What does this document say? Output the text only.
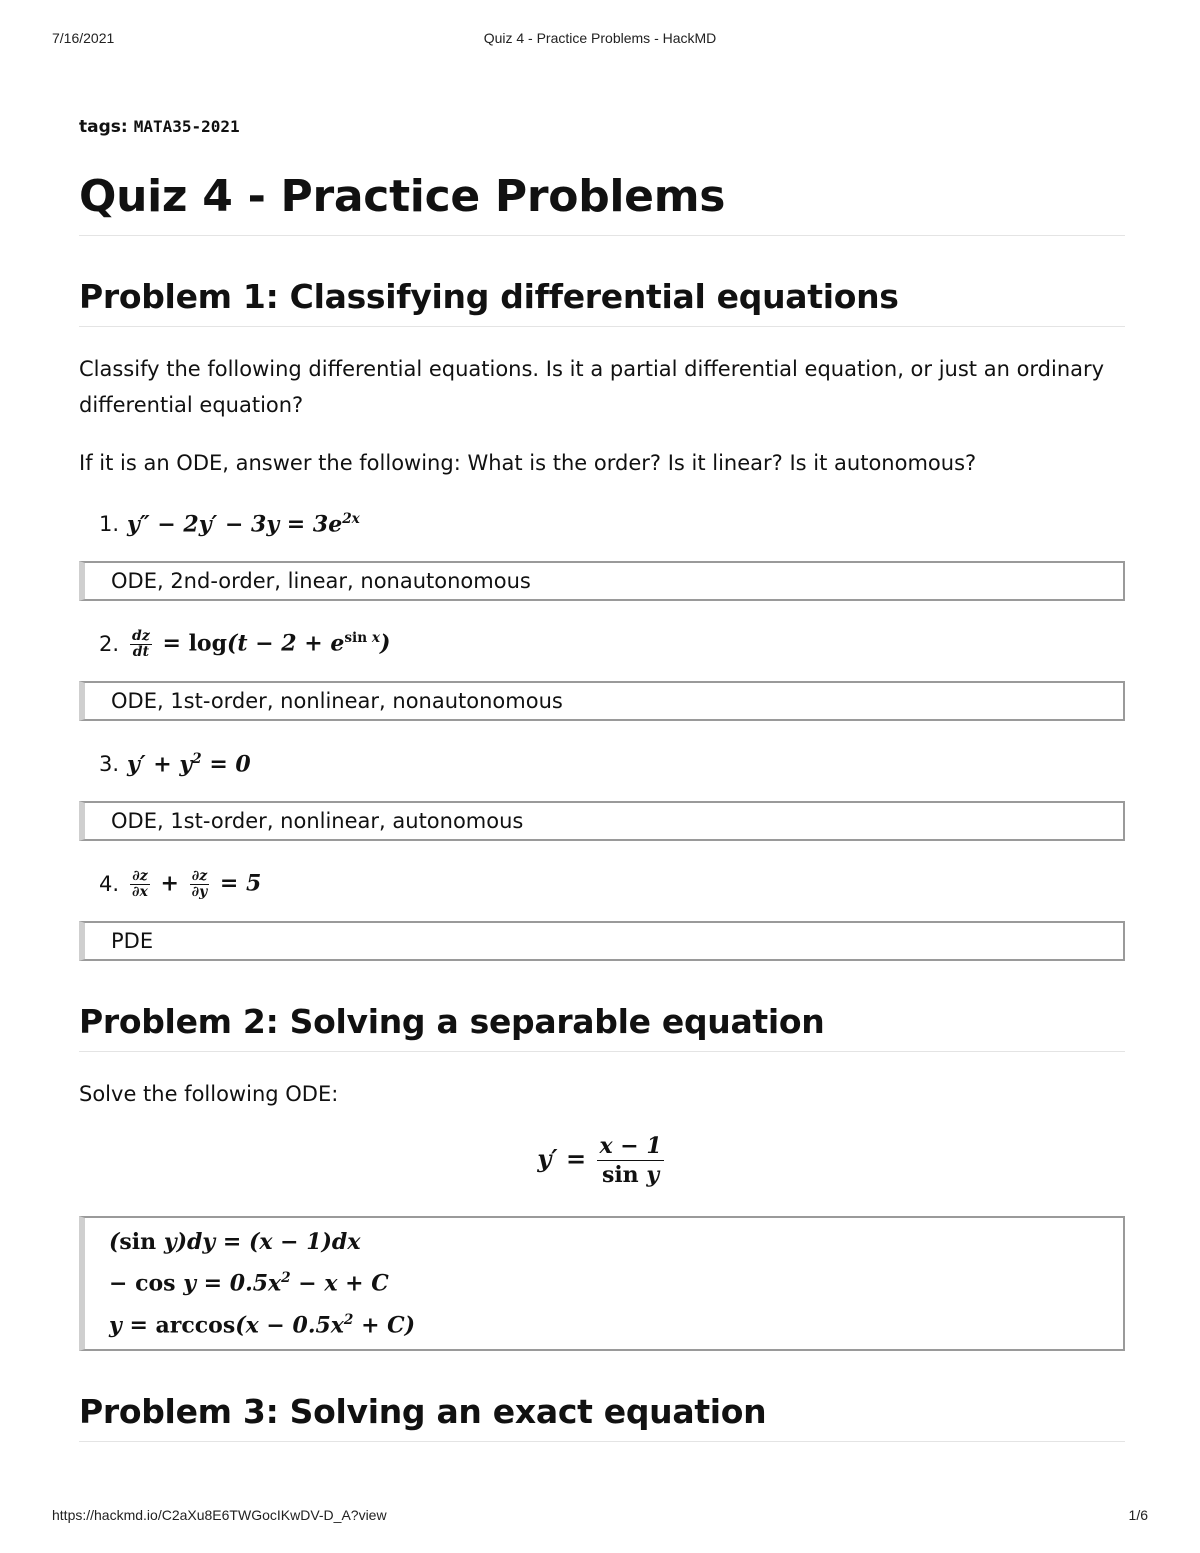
7/16/2021	Quiz 4 - Practice Problems - HackMD
tags: MATA35-2021
Quiz 4 - Practice Problems
Problem 1: Classifying differential equations

Classify the following differential equations. Is it a partial differential equation, or just an ordinary differential equation?

If it is an ODE, answer the following: What is the order? Is it linear? Is it autonomous?

1. $y'' - 2y' - 3y = 3e^{2x}$
ODE, 2nd-order, linear, nonautonomous
2. $\frac{dz}{dt} = \log(t - 2 + e^{sin x})$
ODE, 1st-order, nonlinear, nonautonomous
3. $y' + y^2 = 0$
ODE, 1st-order, nonlinear, autonomous
4. $\frac{\partial z}{\partial x} + \frac{\partial z}{\partial y} = 5$
PDE
Problem 2: Solving a separable equation

Solve the following ODE:

$y' = \frac{x - 1}{\text{sin y}}$
(sin y)dy = (x − 1)dx
− $\cos y = 0.5x^2 - x + C$
$y = \arccos(x - 0.5x^2 + C)$
Problem 3: Solving an exact equation
https://hackmd.io/C2aXu8E6TWGocIKwDV-D_A?view	1/6
